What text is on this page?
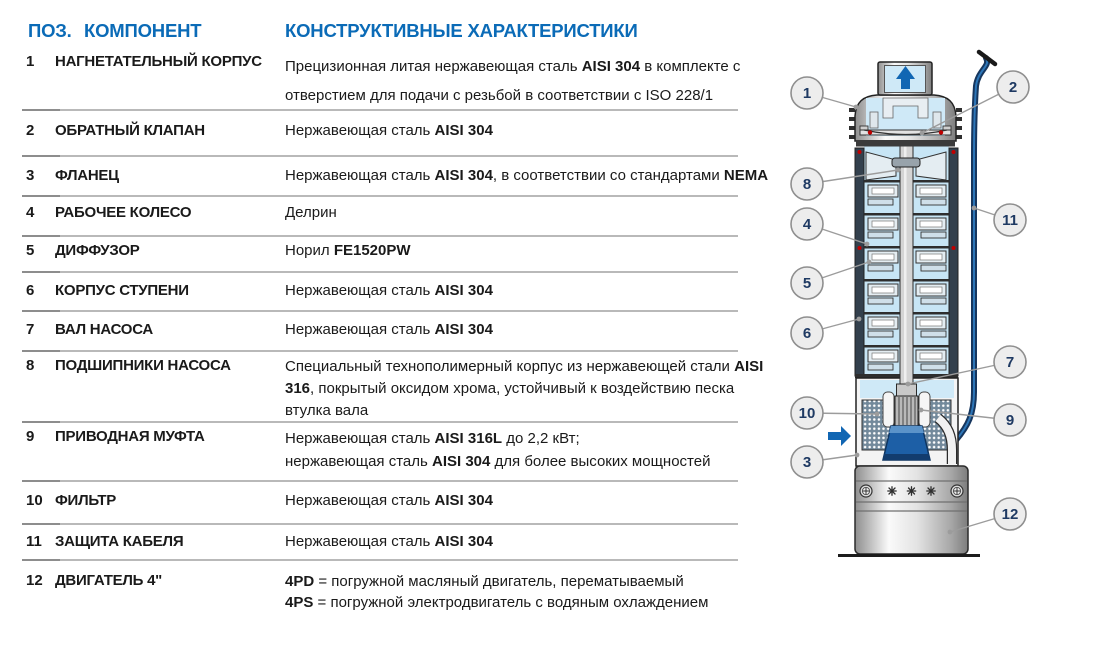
ПОЗ. КОМПОНЕНТ	КОНСТРУКТИВНЫЕ ХАРАКТЕРИСТИКИ
1	НАГНЕТАТЕЛЬНЫЙ КОРПУС	Прецизионная литая нержавеющая сталь AISI 304 в комплекте с
отверстием для подачи с резьбой в соответствии с ISO 228/1
2	ОБРАТНЫЙ КЛАПАН	Нержавеющая сталь AISI 304
3	ФЛАНЕЦ	Нержавеющая сталь AISI 304, в соответствии со стандартами NEMA
4	РАБОЧЕЕ КОЛЕСО	Делрин
5	ДИФФУЗОР	Норил FE1520PW
6	КОРПУС СТУПЕНИ	Нержавеющая сталь AISI 304
7	ВАЛ НАСОСА	Нержавеющая сталь AISI 304
8	ПОДШИПНИКИ НАСОСА	Специальный технополимерный корпус из нержавеющей стали AISI
316, покрытый оксидом хрома, устойчивый к воздействию песка
втулка вала
9	ПРИВОДНАЯ МУФТА	Нержавеющая сталь AISI 316L до 2,2 кВт;
нержавеющая сталь AISI 304 для более высоких мощностей
10 ФИЛЬТР	Нержавеющая сталь AISI 304
11 ЗАЩИТА КАБЕЛЯ	Нержавеющая сталь AISI 304
12 ДВИГАТЕЛЬ 4"	4PD = погружной масляный двигатель, перематываемый
4PS = погружной электродвигатель с водяным охлаждением
1	2
8
4	11
5
6
7
10	9
3
12
